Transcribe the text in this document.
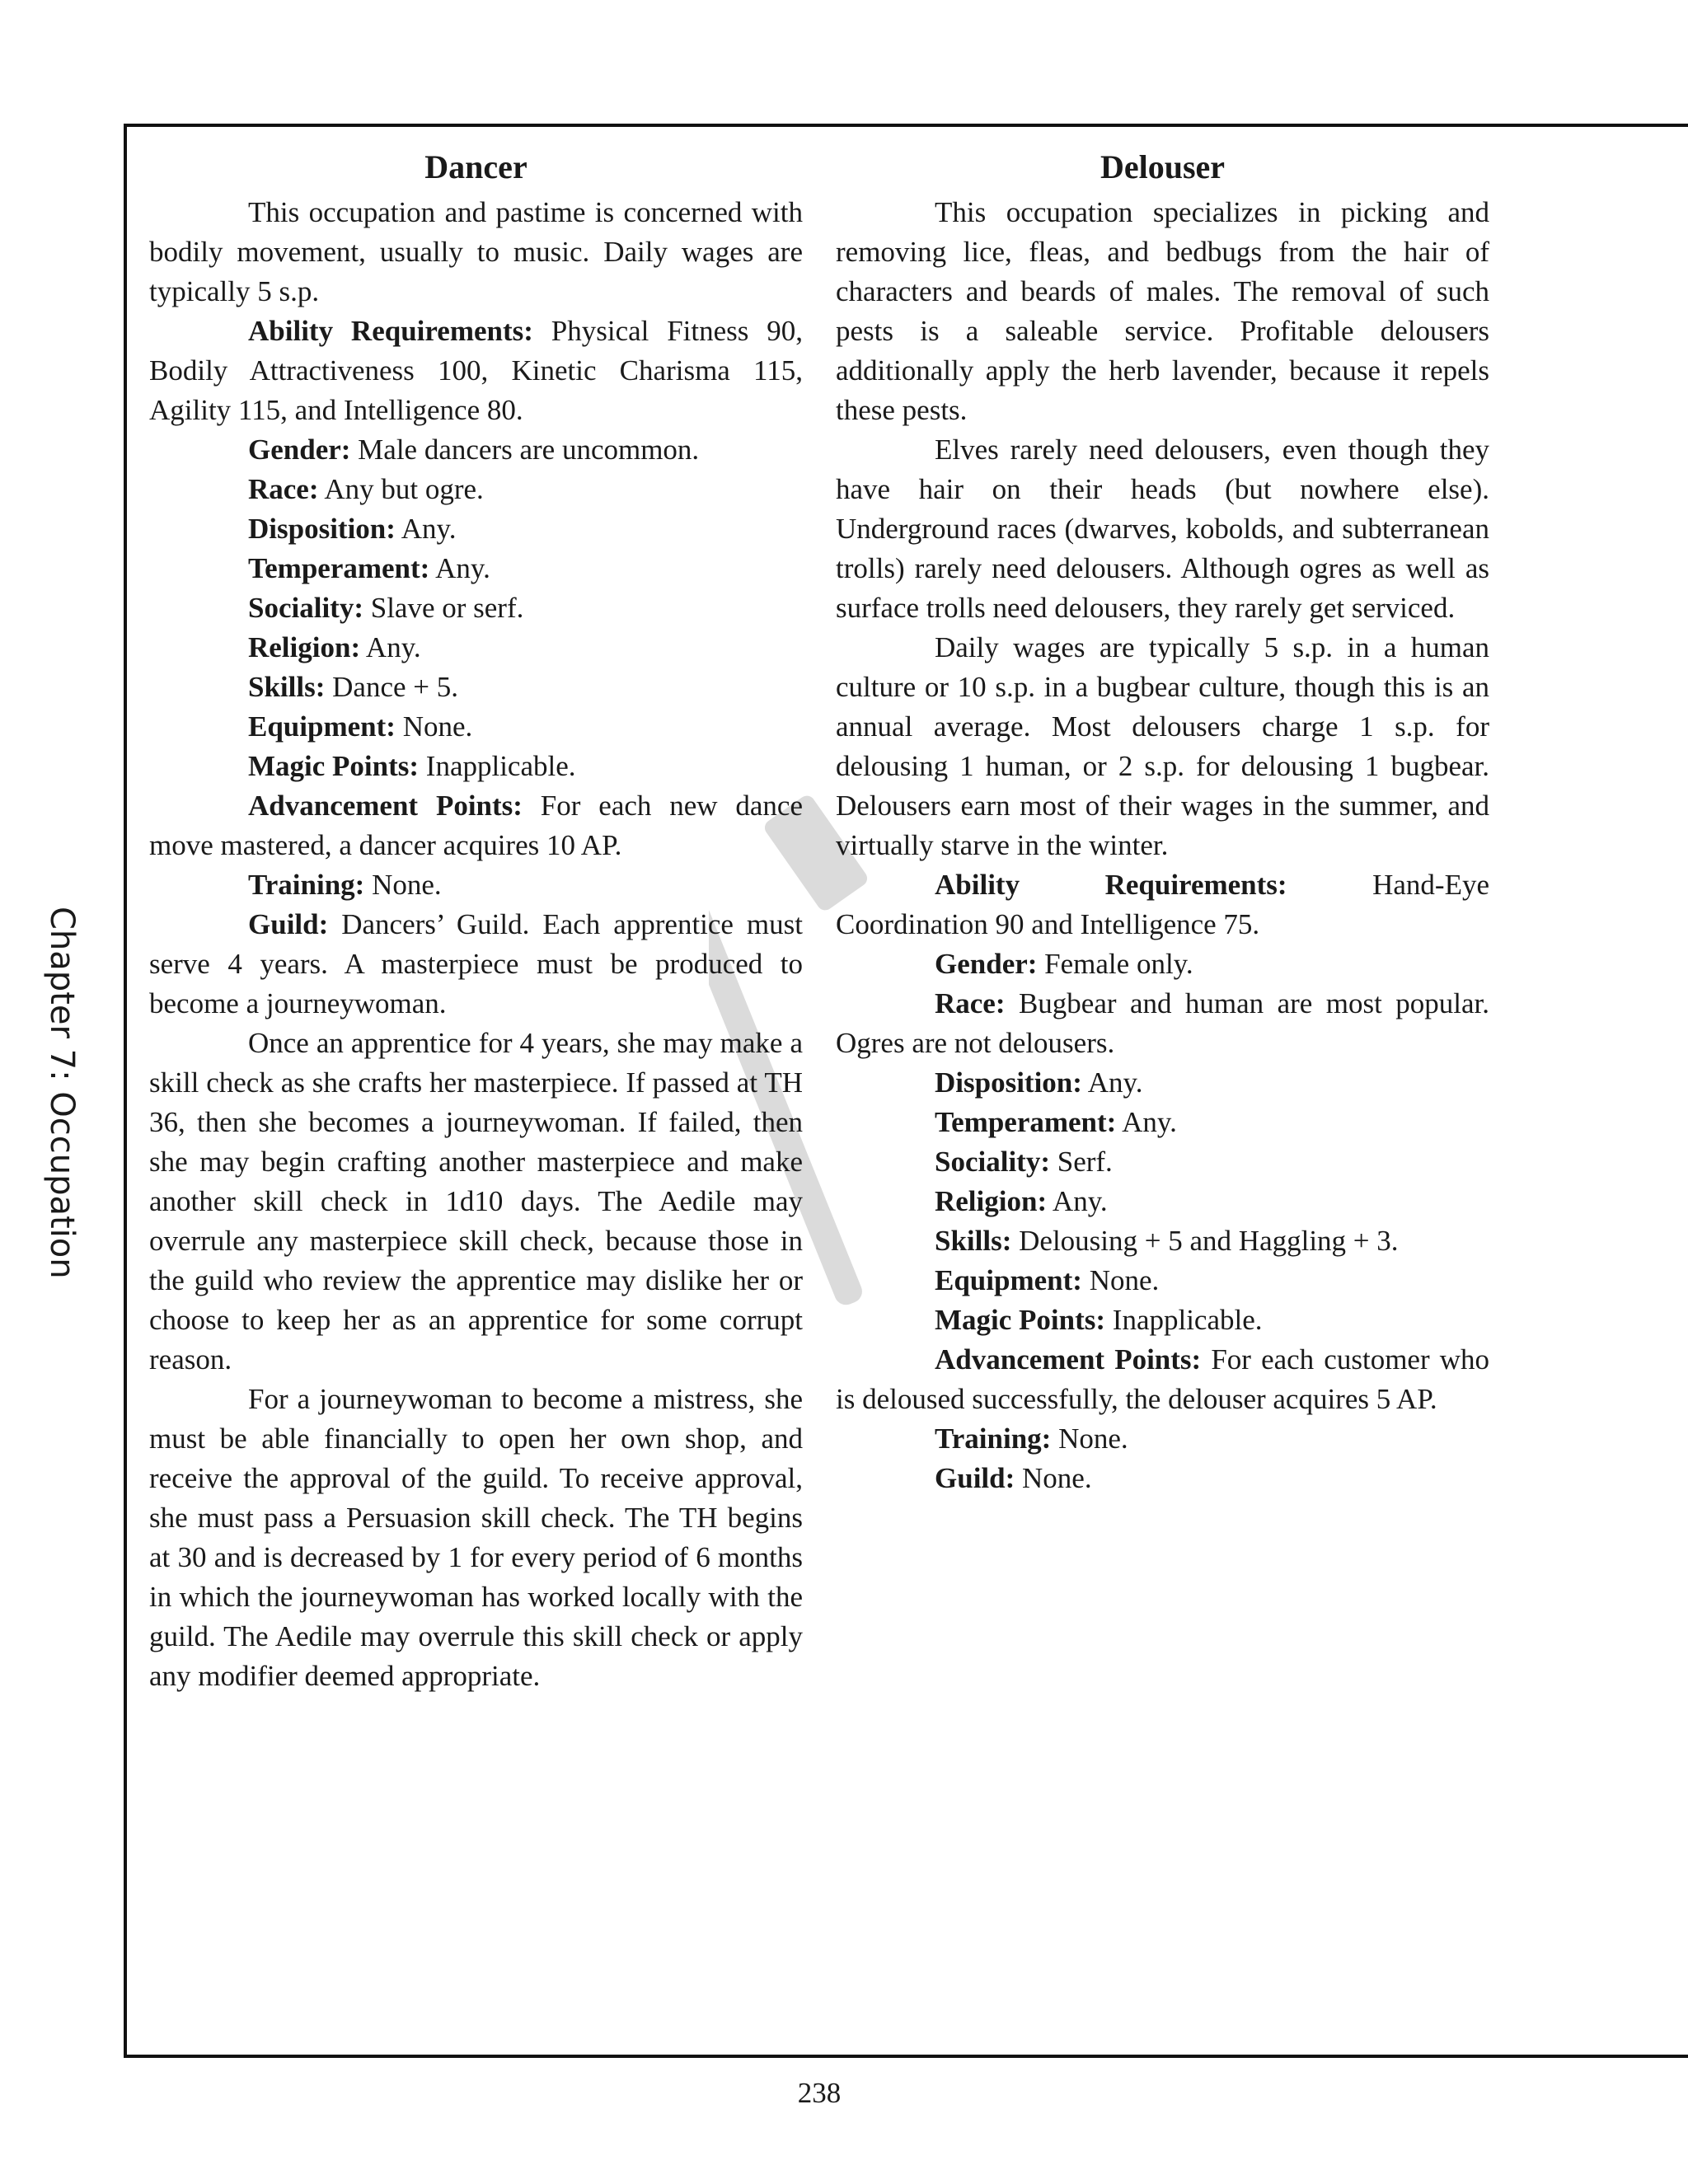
Chapter 7: Occupation
Dancer

This occupation and pastime is concerned with bodily movement, usually to music. Daily wages are typically 5 s.p.

Ability Requirements: Physical Fitness 90, Bodily Attractiveness 100, Kinetic Charisma 115, Agility 115, and Intelligence 80.

Gender: Male dancers are uncommon.

Race: Any but ogre.

Disposition: Any.

Temperament: Any.

Sociality: Slave or serf.

Religion: Any.

Skills: Dance + 5.

Equipment: None.

Magic Points: Inapplicable.

Advancement Points: For each new dance move mastered, a dancer acquires 10 AP.

Training: None.

Guild: Dancers’ Guild. Each apprentice must serve 4 years. A masterpiece must be produced to become a journeywoman.

Once an apprentice for 4 years, she may make a skill check as she crafts her masterpiece. If passed at TH 36, then she becomes a journeywoman. If failed, then she may begin crafting another masterpiece and make another skill check in 1d10 days. The Aedile may overrule any masterpiece skill check, because those in the guild who review the apprentice may dislike her or choose to keep her as an apprentice for some corrupt reason.

For a journeywoman to become a mistress, she must be able financially to open her own shop, and receive the approval of the guild. To receive approval, she must pass a Persuasion skill check. The TH begins at 30 and is decreased by 1 for every period of 6 months in which the journeywoman has worked locally with the guild. The Aedile may overrule this skill check or apply any modifier deemed appropriate.

Delouser

This occupation specializes in picking and removing lice, fleas, and bedbugs from the hair of characters and beards of males. The removal of such pests is a saleable service. Profitable delousers additionally apply the herb lavender, because it repels these pests.

Elves rarely need delousers, even though they have hair on their heads (but nowhere else). Underground races (dwarves, kobolds, and subterranean trolls) rarely need delousers. Although ogres as well as surface trolls need delousers, they rarely get serviced.

Daily wages are typically 5 s.p. in a human culture or 10 s.p. in a bugbear culture, though this is an annual average. Most delousers charge 1 s.p. for delousing 1 human, or 2 s.p. for delousing 1 bugbear. Delousers earn most of their wages in the summer, and virtually starve in the winter.

Ability Requirements: Hand-Eye Coordination 90 and Intelligence 75.

Gender: Female only.

Race: Bugbear and human are most popular. Ogres are not delousers.

Disposition: Any.

Temperament: Any.

Sociality: Serf.

Religion: Any.

Skills: Delousing + 5 and Haggling + 3.

Equipment: None.

Magic Points: Inapplicable.

Advancement Points: For each customer who is deloused successfully, the delouser acquires 5 AP.

Training: None.

Guild: None.

238
